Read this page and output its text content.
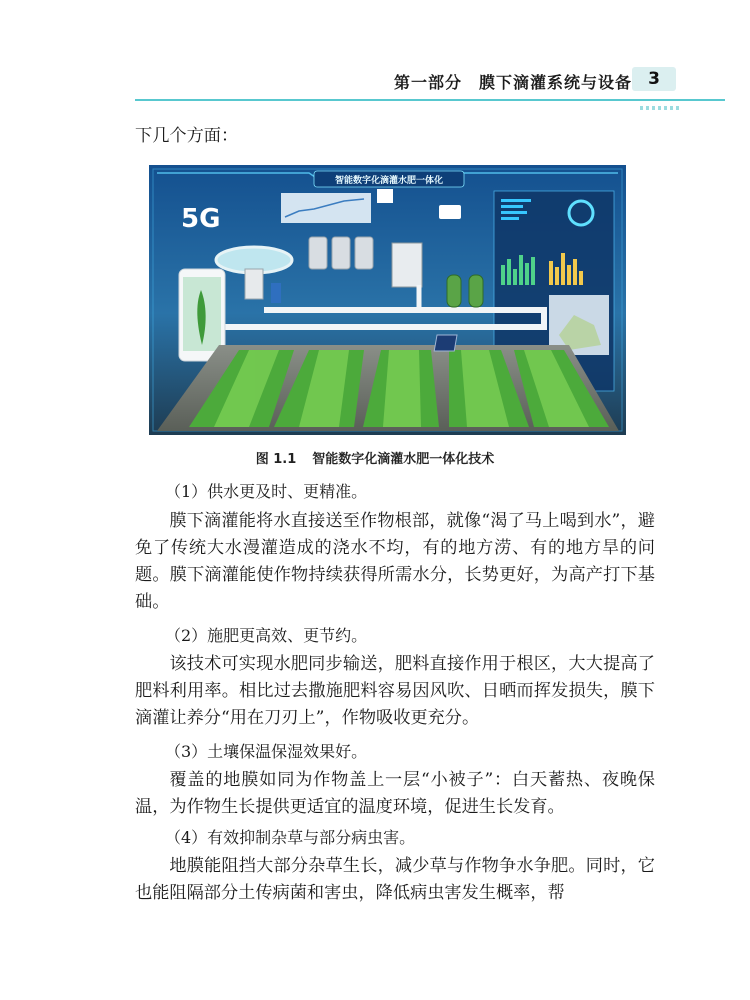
第一部分　膜下滴灌系统与设备 3

下几个方面：

智能数字化滴灌水肥一体化
5G
图 1.1 智能数字化滴灌水肥一体化技术
（1）供水更及时、更精准。

膜下滴灌能将水直接送至作物根部，就像“渴了马上喝到水”，避免了传统大水漫灌造成的浇水不均，有的地方涝、有的地方旱的问题。膜下滴灌能使作物持续获得所需水分，长势更好，为高产打下基础。

（2）施肥更高效、更节约。

该技术可实现水肥同步输送，肥料直接作用于根区，大大提高了肥料利用率。相比过去撒施肥料容易因风吹、日晒而挥发损失，膜下滴灌让养分“用在刀刃上”，作物吸收更充分。

（3）土壤保温保湿效果好。

覆盖的地膜如同为作物盖上一层“小被子”：白天蓄热、夜晚保温，为作物生长提供更适宜的温度环境，促进生长发育。

（4）有效抑制杂草与部分病虫害。

地膜能阻挡大部分杂草生长，减少草与作物争水争肥。同时，它也能阻隔部分土传病菌和害虫，降低病虫害发生概率，帮
